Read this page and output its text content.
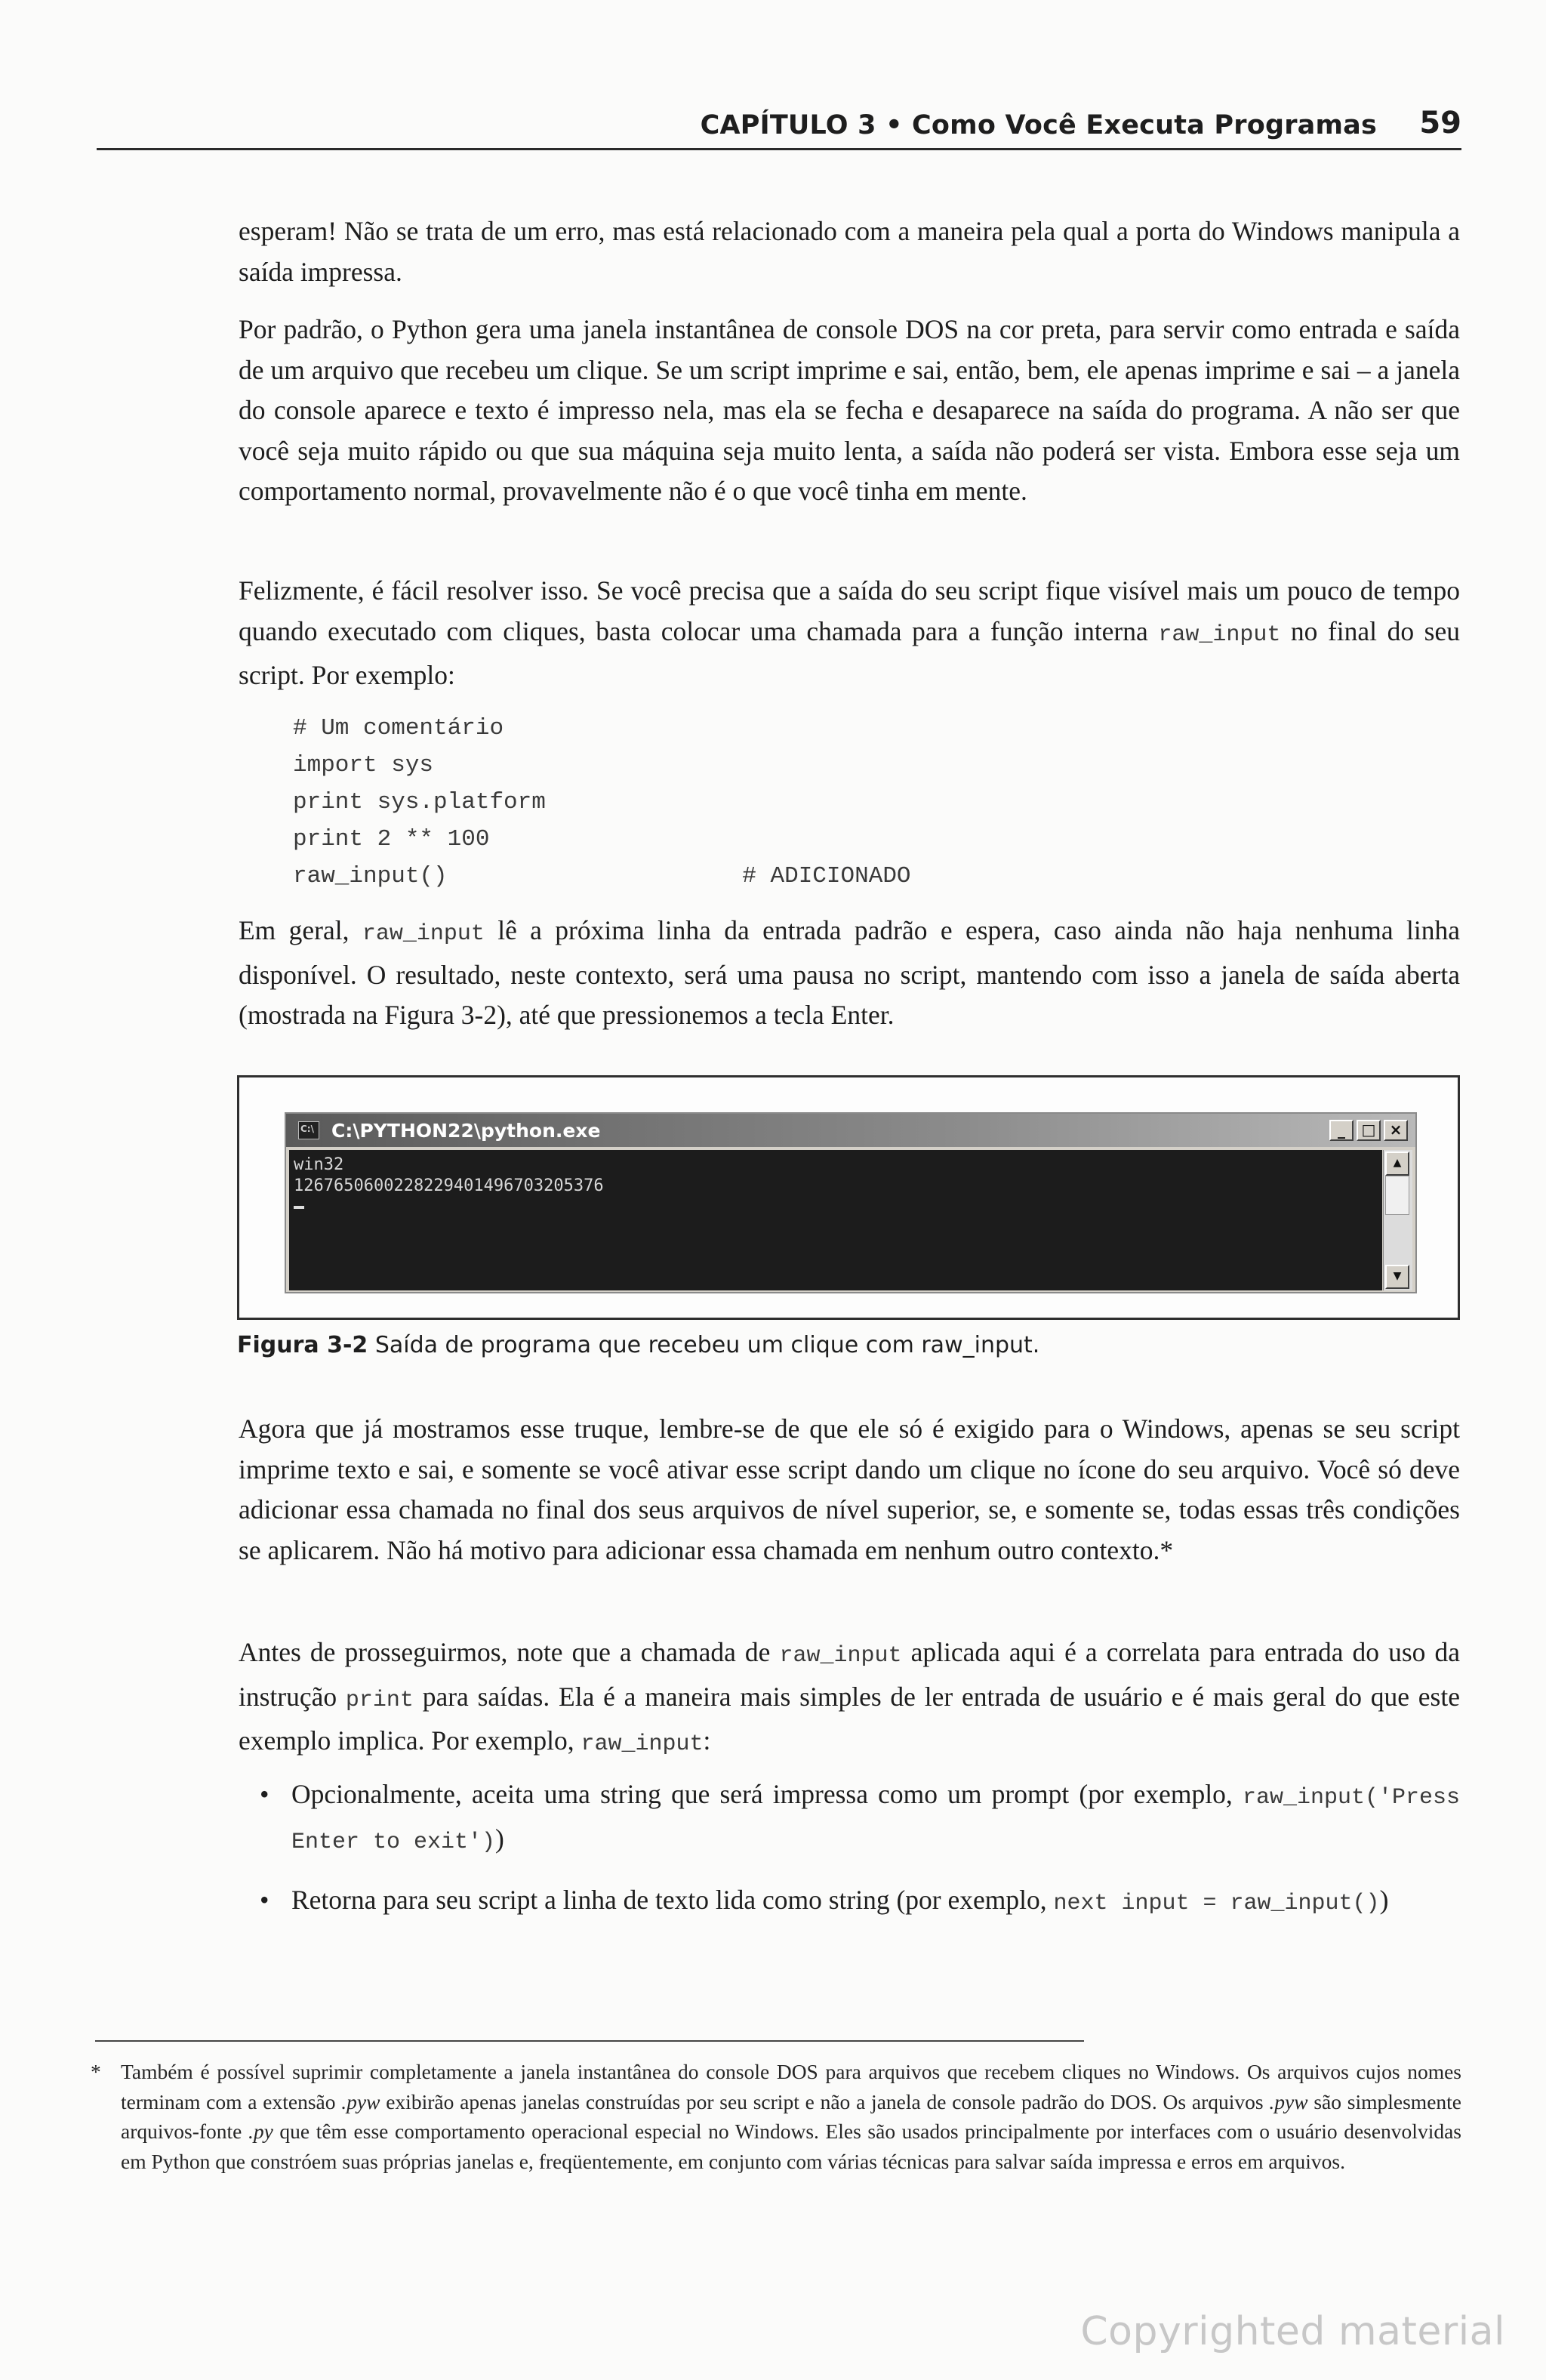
CAPÍTULO 3 • Como Você Executa Programas 59

esperam! Não se trata de um erro, mas está relacionado com a maneira pela qual a porta do Windows manipula a saída impressa.

Por padrão, o Python gera uma janela instantânea de console DOS na cor preta, para servir como entrada e saída de um arquivo que recebeu um clique. Se um script imprime e sai, então, bem, ele apenas imprime e sai – a janela do console aparece e texto é impresso nela, mas ela se fecha e desaparece na saída do programa. A não ser que você seja muito rápido ou que sua máquina seja muito lenta, a saída não poderá ser vista. Embora esse seja um comportamento normal, provavelmente não é o que você tinha em mente.

Felizmente, é fácil resolver isso. Se você precisa que a saída do seu script fique visível mais um pouco de tempo quando executado com cliques, basta colocar uma chamada para a função interna raw_input no final do seu script. Por exemplo:

# Um comentário
import sys
print sys.platform
print 2 ** 100
raw_input()                     # ADICIONADO

Em geral, raw_input lê a próxima linha da entrada padrão e espera, caso ainda não haja nenhuma linha disponível. O resultado, neste contexto, será uma pausa no script, mantendo com isso a janela de saída aberta (mostrada na Figura 3-2), até que pressionemos a tecla Enter.

C:\
C:\PYTHON22\python.exe	_	□ ×
win32
1267650600228229401496703205376
▲
▼
Figura 3-2 Saída de programa que recebeu um clique com raw_input.

Agora que já mostramos esse truque, lembre-se de que ele só é exigido para o Windows, apenas se seu script imprime texto e sai, e somente se você ativar esse script dando um clique no ícone do seu arquivo. Você só deve adicionar essa chamada no final dos seus arquivos de nível superior, se, e somente se, todas essas três condições se aplicarem. Não há motivo para adicionar essa chamada em nenhum outro contexto.*

Antes de prosseguirmos, note que a chamada de raw_input aplicada aqui é a correlata para entrada do uso da instrução print para saídas. Ela é a maneira mais simples de ler entrada de usuário e é mais geral do que este exemplo implica. Por exemplo, raw_input:

• Opcionalmente, aceita uma string que será impressa como um prompt (por exemplo, raw_input('Press Enter to exit'))
• Retorna para seu script a linha de texto lida como string (por exemplo, next input = raw_input())
* Também é possível suprimir completamente a janela instantânea do console DOS para arquivos que recebem cliques no Windows. Os arquivos cujos nomes terminam com a extensão .pyw exibirão apenas janelas construídas por seu script e não a janela de console padrão do DOS. Os arquivos .pyw são simplesmente arquivos-fonte .py que têm esse comportamento operacional especial no Windows. Eles são usados principalmente por interfaces com o usuário desenvolvidas em Python que constróem suas próprias janelas e, freqüentemente, em conjunto com várias técnicas para salvar saída impressa e erros em arquivos.
Copyrighted material
